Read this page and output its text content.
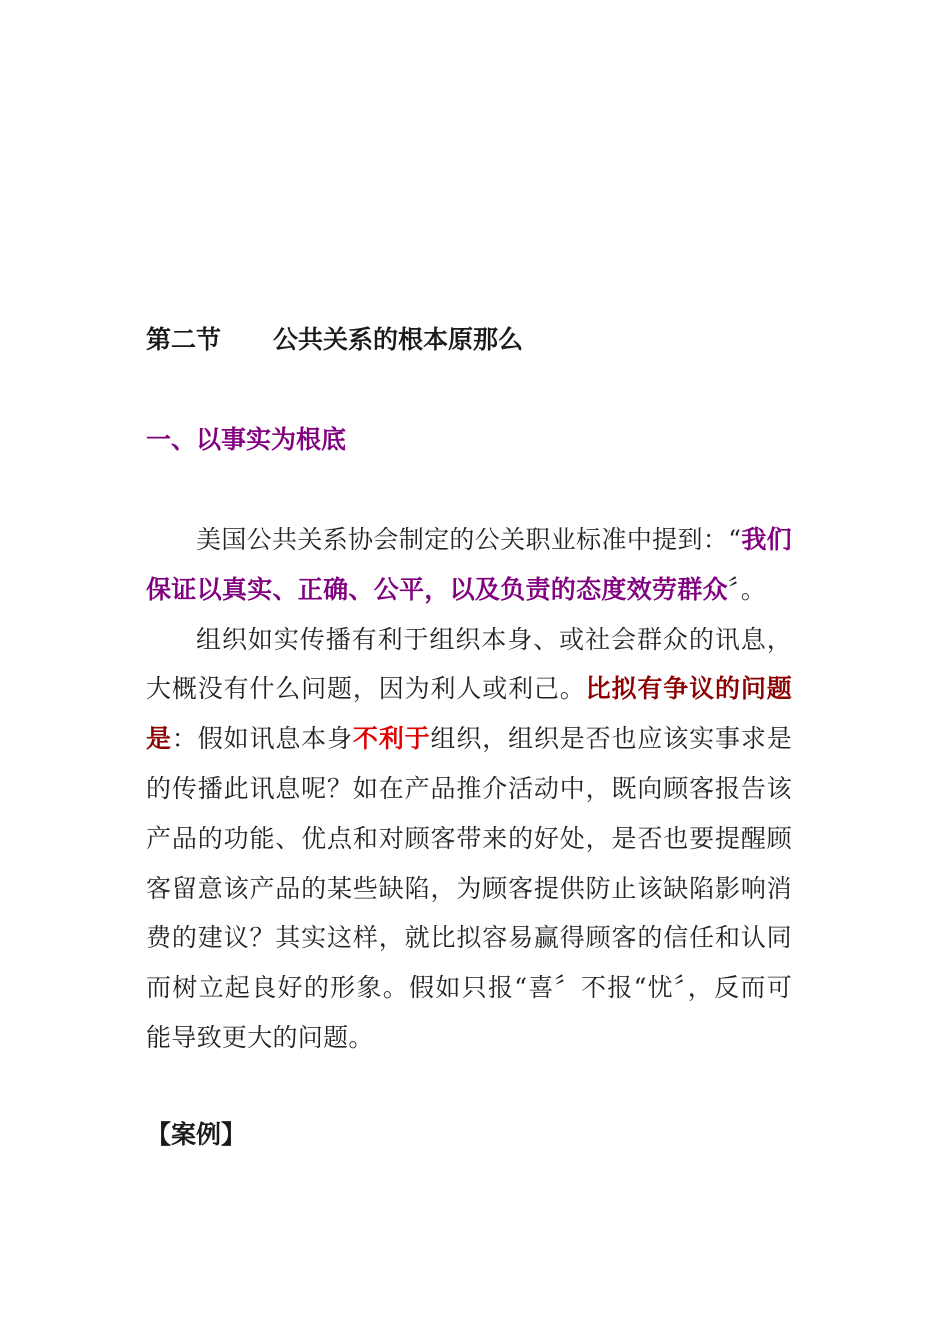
第二节 公共关系的根本原那么
一、以事实为根底

美国公共关系协会制定的公关职业标准中提到：“我们保证以真实、正确、公平，以及负责的态度效劳群众〞。

组织如实传播有利于组织本身、或社会群众的讯息，大概没有什么问题，因为利人或利己。比拟有争议的问题是：假如讯息本身不利于组织，组织是否也应该实事求是的传播此讯息呢？如在产品推介活动中，既向顾客报告该产品的功能、优点和对顾客带来的好处，是否也要提醒顾客留意该产品的某些缺陷，为顾客提供防止该缺陷影响消费的建议？其实这样，就比拟容易赢得顾客的信任和认同而树立起良好的形象。假如只报“喜〞不报“忧〞，反而可能导致更大的问题。

【案例】
